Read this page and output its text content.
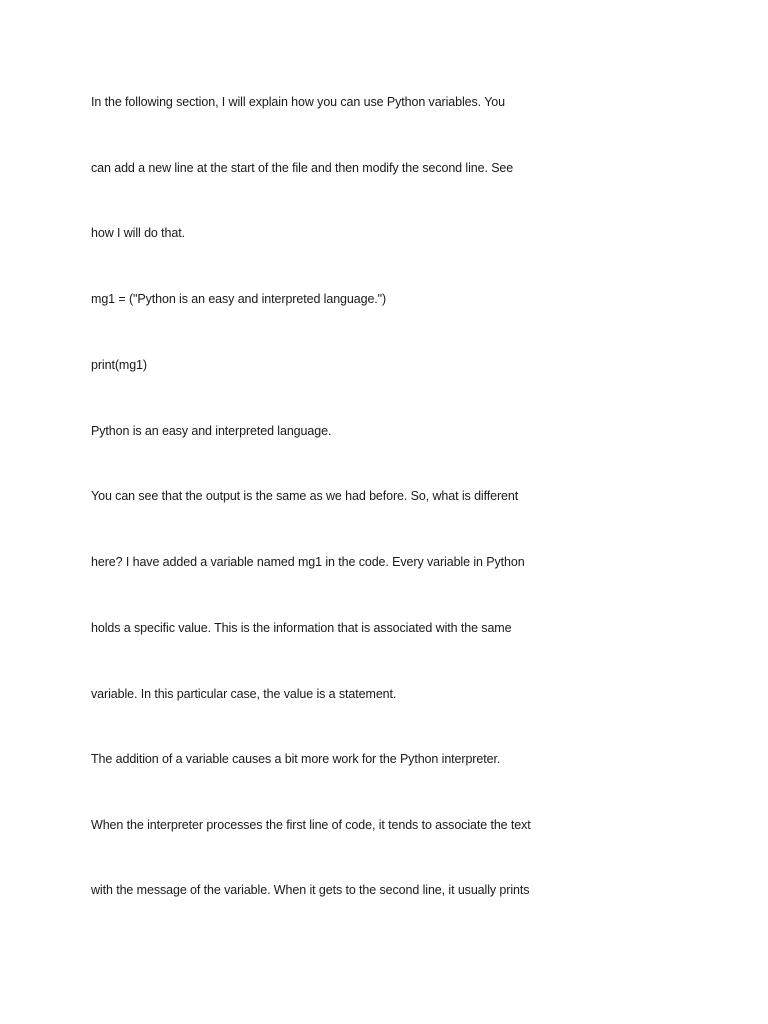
In the following section, I will explain how you can use Python variables. You

can add a new line at the start of the file and then modify the second line. See

how I will do that.

mg1 = ("Python is an easy and interpreted language.")

print(mg1)

Python is an easy and interpreted language.

You can see that the output is the same as we had before. So, what is different

here? I have added a variable named mg1 in the code. Every variable in Python

holds a specific value. This is the information that is associated with the same

variable. In this particular case, the value is a statement.

The addition of a variable causes a bit more work for the Python interpreter.

When the interpreter processes the first line of code, it tends to associate the text

with the message of the variable. When it gets to the second line, it usually prints
